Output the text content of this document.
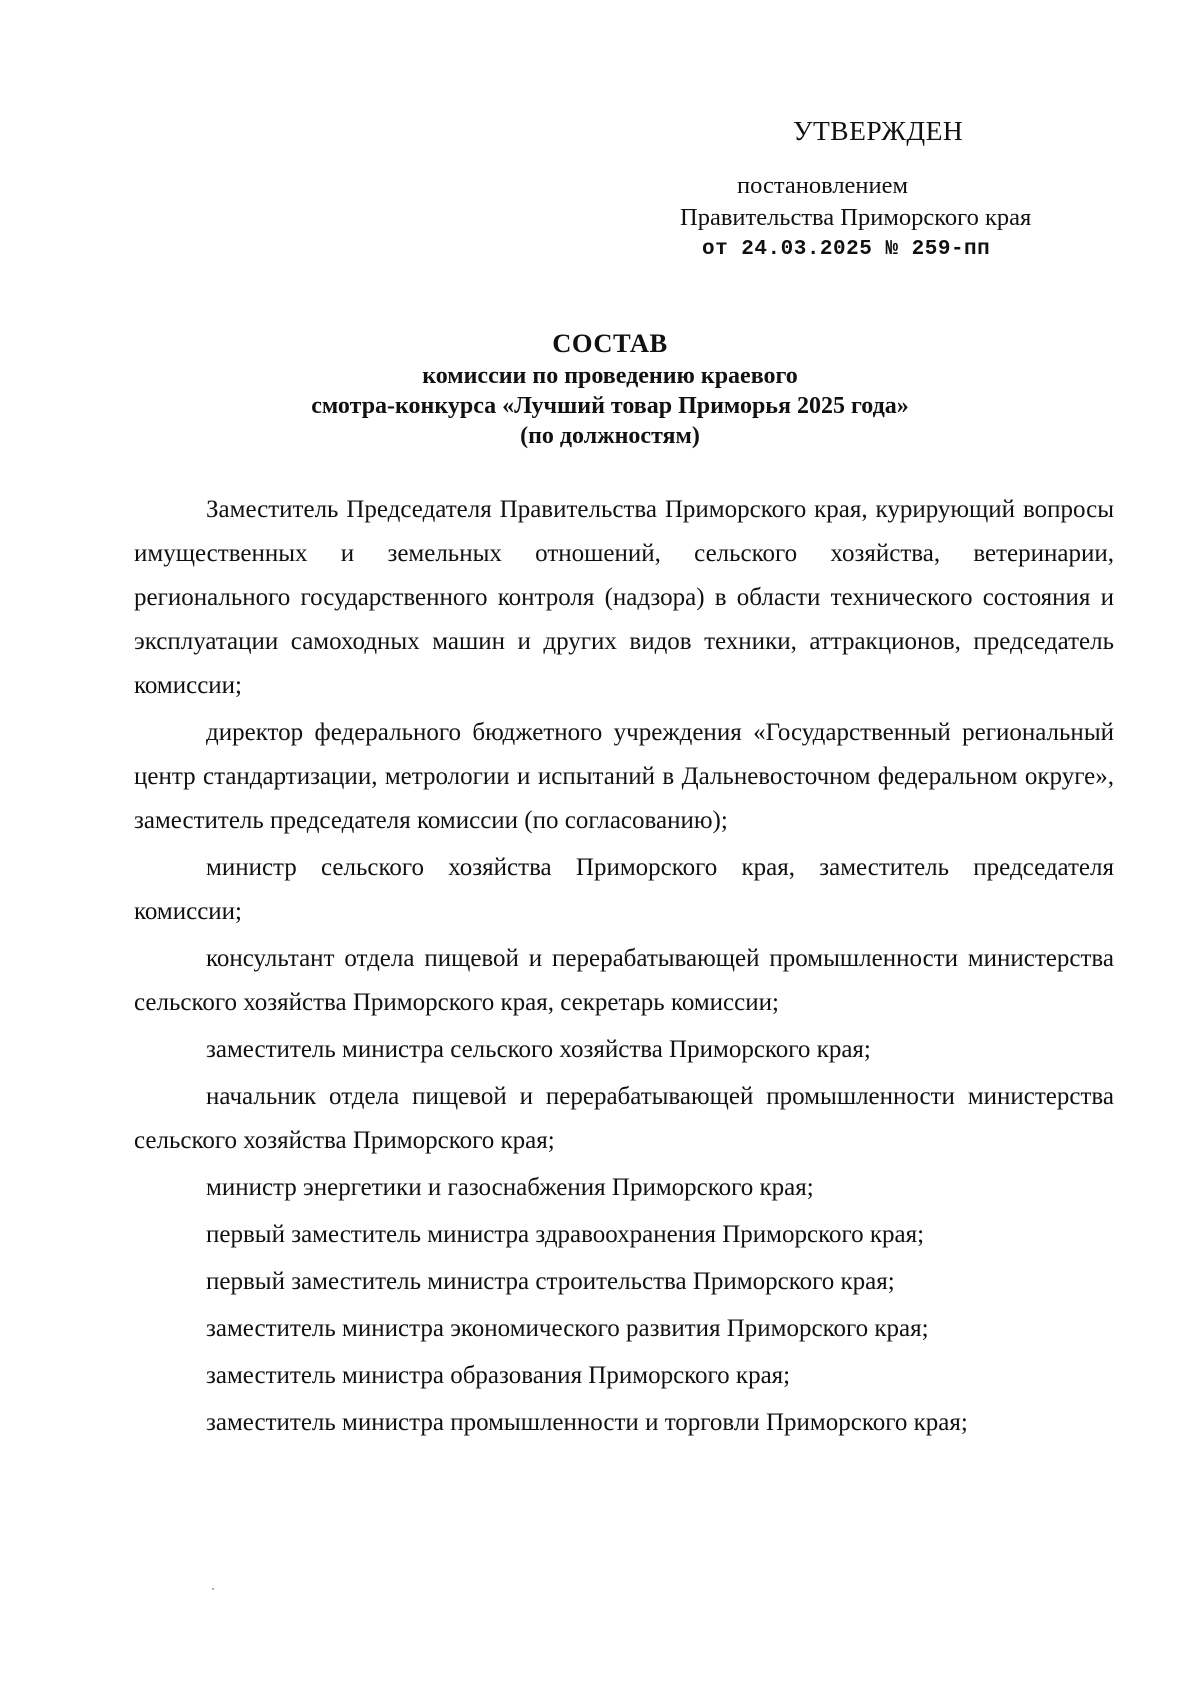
УТВЕРЖДЕН
постановлением
Правительства Приморского края
от 24.03.2025 № 259-пп
СОСТАВ
комиссии по проведению краевого
смотра-конкурса «Лучший товар Приморья 2025 года»
(по должностям)

Заместитель Председателя Правительства Приморского края, курирующий вопросы имущественных и земельных отношений, сельского хозяйства, ветеринарии, регионального государственного контроля (надзора) в области технического состояния и эксплуатации самоходных машин и других видов техники, аттракционов, председатель комиссии;

директор федерального бюджетного учреждения «Государственный региональный центр стандартизации, метрологии и испытаний в Дальневосточном федеральном округе», заместитель председателя комиссии (по согласованию);

министр сельского хозяйства Приморского края, заместитель председателя комиссии;

консультант отдела пищевой и перерабатывающей промышленности министерства сельского хозяйства Приморского края, секретарь комиссии;

заместитель министра сельского хозяйства Приморского края;

начальник отдела пищевой и перерабатывающей промышленности министерства сельского хозяйства Приморского края;

министр энергетики и газоснабжения Приморского края;

первый заместитель министра здравоохранения Приморского края;

первый заместитель министра строительства Приморского края;

заместитель министра экономического развития Приморского края;

заместитель министра образования Приморского края;

заместитель министра промышленности и торговли Приморского края;
